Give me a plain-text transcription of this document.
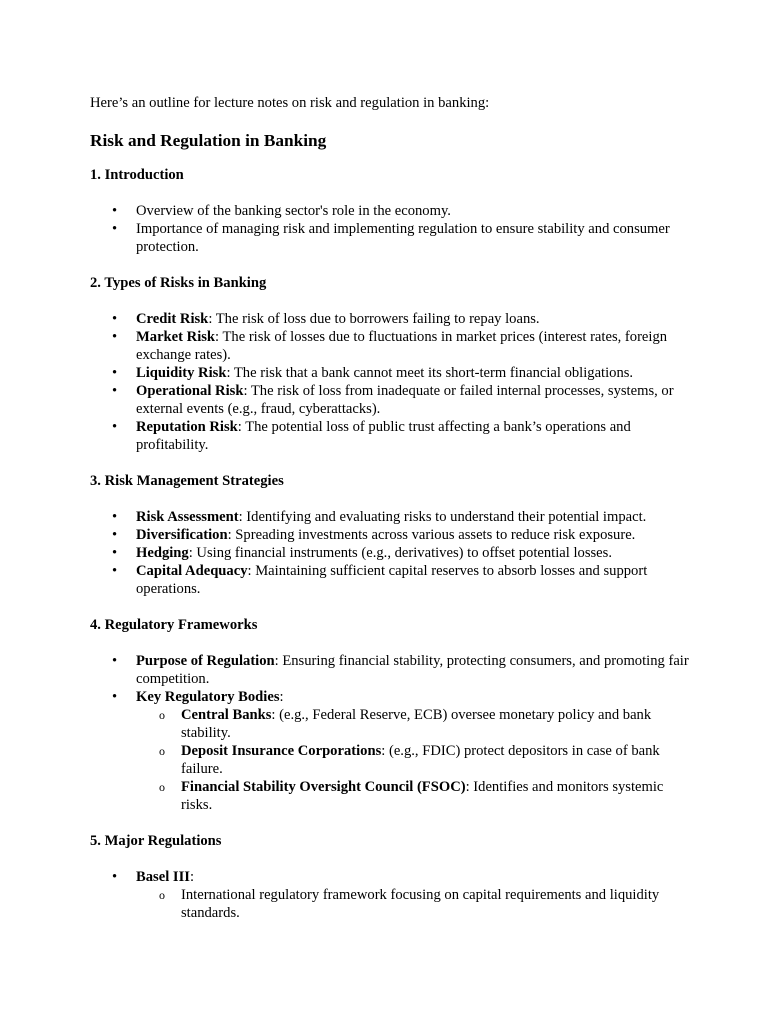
Here’s an outline for lecture notes on risk and regulation in banking:

Risk and Regulation in Banking

1. Introduction

• Overview of the banking sector's role in the economy.
• Importance of managing risk and implementing regulation to ensure stability and consumer protection.

2. Types of Risks in Banking

• Credit Risk: The risk of loss due to borrowers failing to repay loans.
• Market Risk: The risk of losses due to fluctuations in market prices (interest rates, foreign exchange rates).
• Liquidity Risk: The risk that a bank cannot meet its short-term financial obligations.
• Operational Risk: The risk of loss from inadequate or failed internal processes, systems, or external events (e.g., fraud, cyberattacks).
• Reputation Risk: The potential loss of public trust affecting a bank’s operations and profitability.

3. Risk Management Strategies

• Risk Assessment: Identifying and evaluating risks to understand their potential impact.
• Diversification: Spreading investments across various assets to reduce risk exposure.
• Hedging: Using financial instruments (e.g., derivatives) to offset potential losses.
• Capital Adequacy: Maintaining sufficient capital reserves to absorb losses and support operations.

4. Regulatory Frameworks

• Purpose of Regulation: Ensuring financial stability, protecting consumers, and promoting fair competition.
• Key Regulatory Bodies:
o Central Banks: (e.g., Federal Reserve, ECB) oversee monetary policy and bank stability.
o Deposit Insurance Corporations: (e.g., FDIC) protect depositors in case of bank failure.
o Financial Stability Oversight Council (FSOC): Identifies and monitors systemic risks.

5. Major Regulations

• Basel III:
o International regulatory framework focusing on capital requirements and liquidity standards.
